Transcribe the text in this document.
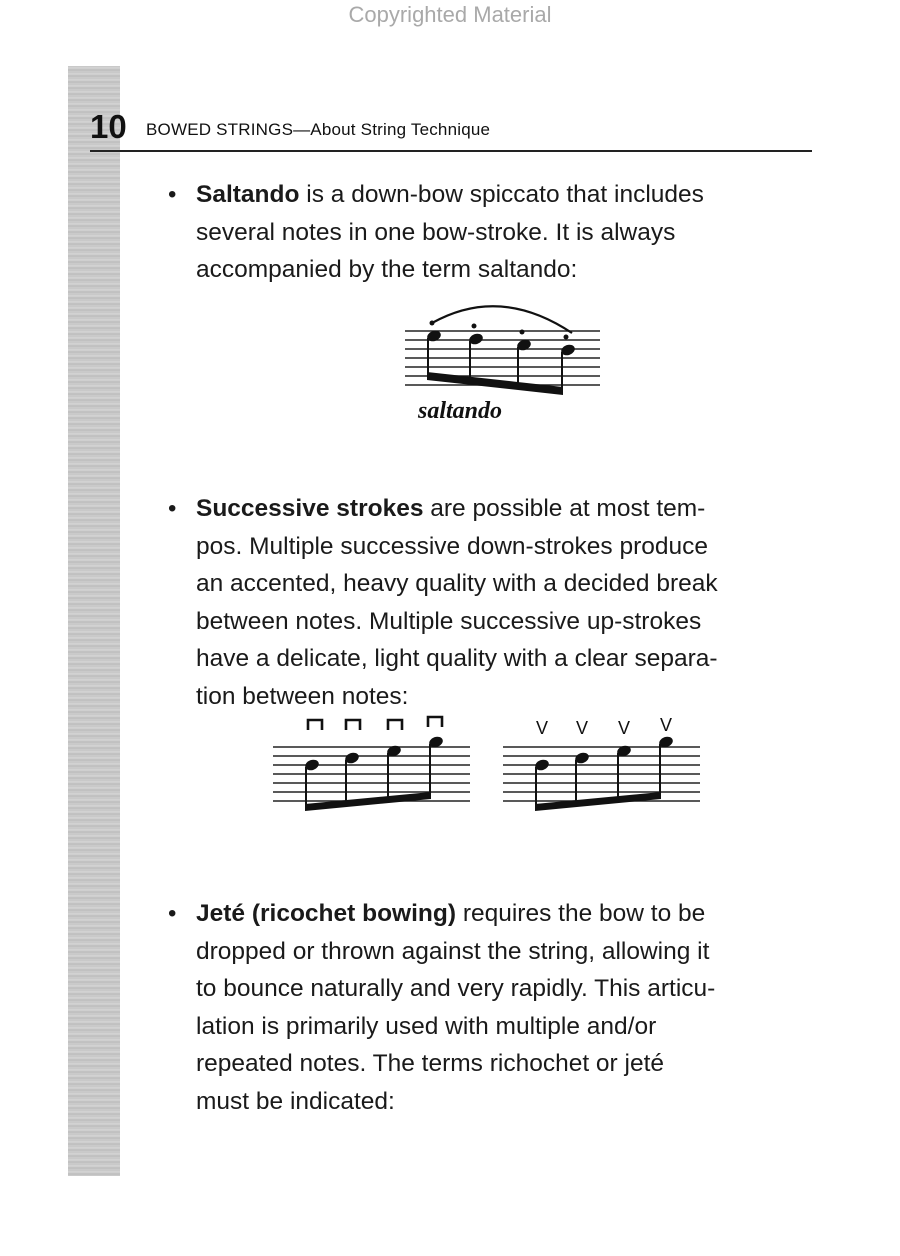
Copyrighted Material
10 BOWED STRINGS—About String Technique
• Saltando is a down-bow spiccato that includes
several notes in one bow-stroke. It is always
accompanied by the term saltando:
saltando
• Successive strokes are possible at most tem-
pos. Multiple successive down-strokes produce
an accented, heavy quality with a decided break
between notes. Multiple successive up-strokes
have a delicate, light quality with a clear separa-
tion between notes:
V V V V
• Jeté (ricochet bowing) requires the bow to be
dropped or thrown against the string, allowing it
to bounce naturally and very rapidly. This articu-
lation is primarily used with multiple and/or
repeated notes. The terms richochet or jeté
must be indicated:
